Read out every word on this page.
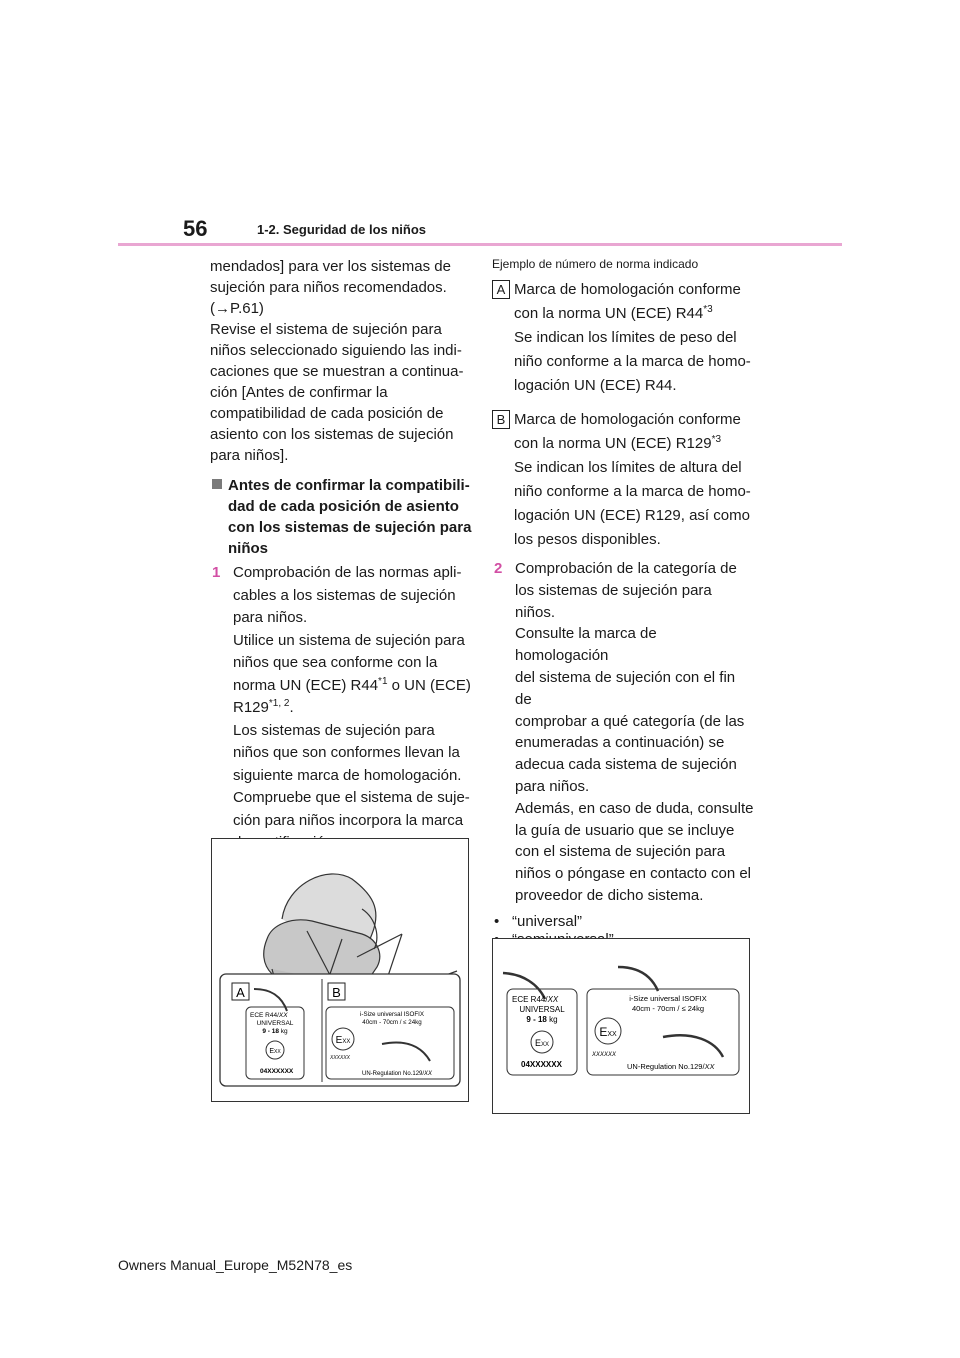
56	1-2. Seguridad de los niños
mendados] para ver los sistemas de
sujeción para niños recomendados.
(→P.61)
Revise el sistema de sujeción para
niños seleccionado siguiendo las indi-
caciones que se muestran a continua-
ción [Antes de confirmar la
compatibilidad de cada posición de
asiento con los sistemas de sujeción
para niños].
Antes de confirmar la compatibili-
dad de cada posición de asiento
con los sistemas de sujeción para
niños
1 Comprobación de las normas apli-

cables a los sistemas de sujeción

para niños.

Utilice un sistema de sujeción para

niños que sea conforme con la

norma UN (ECE) R44$^{*1}$ o UN (ECE)

R129$^{*1, 2}$.

Los sistemas de sujeción para

niños que son conformes llevan la

siguiente marca de homologación.

Compruebe que el sistema de suje-

ción para niños incorpora la marca

Ejemplo de número de norma indicado
A Marca de homologación conforme

con la norma UN (ECE) R44$^{*3}$

Se indican los límites de peso del

niño conforme a la marca de homo-

logación UN (ECE) R44.

B Marca de homologación conforme

con la norma UN (ECE) R129$^{*3}$

Se indican los límites de altura del

niño conforme a la marca de homo-

logación UN (ECE) R129, así como

los pesos disponibles.

2 Comprobación de la categoría de

los sistemas de sujeción para niños.

Consulte la marca de homologación

del sistema de sujeción con el fin de

comprobar a qué categoría (de las

enumeradas a continuación) se

adecua cada sistema de sujeción

para niños.

Además, en caso de duda, consulte

la guía de usuario que se incluye

con el sistema de sujeción para

niños o póngase en contacto con el

proveedor de dicho sistema.

• “universal”
A	B
ECE R44/XX
UNIVERSAL
9 - 18 kg
EXX
04XXXXXX
i-Size universal ISOFIX
40cm - 70cm / ≤ 24kg
EXX
XXXXXX
UN-Regulation No.129/XX
ECE R44/XX
UNIVERSAL
9 - 18 kg
EXX
04XXXXXX
i-Size universal ISOFIX
40cm - 70cm / ≤ 24kg
EXX
XXXXXX
UN-Regulation No.129/XX
Owners Manual_Europe_M52N78_es
